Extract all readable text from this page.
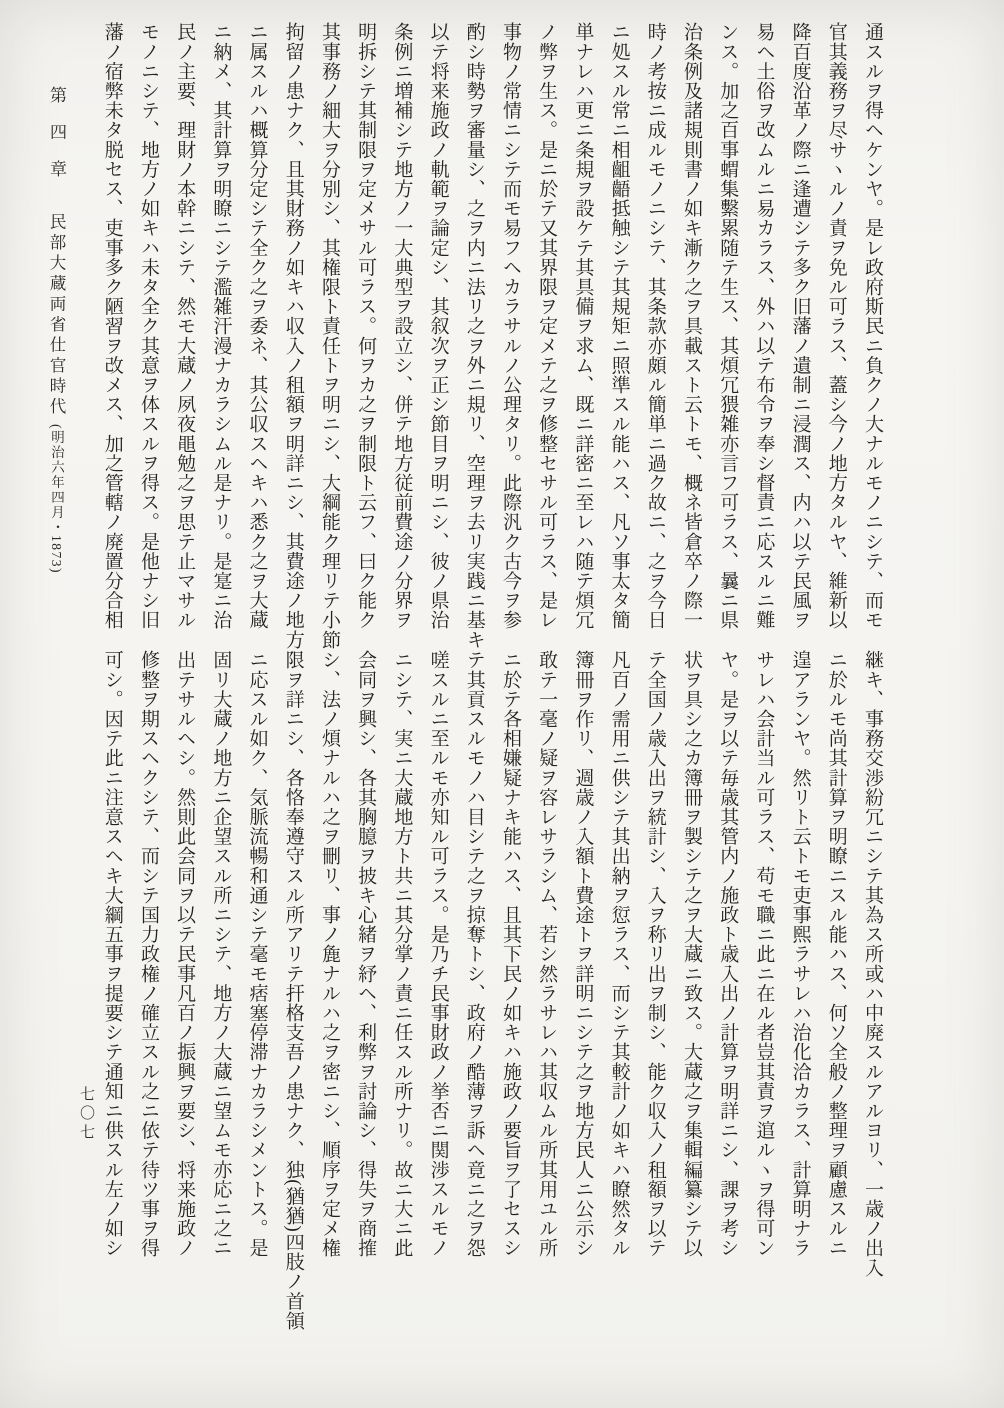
第四章 民部大蔵両省仕官時代 (明治六年四月・1873)	通スルヲ得ヘケンヤ。是レ政府斯民ニ負クノ大ナルモノニシテ、而モ
官其義務ヲ尽サヽルノ責ヲ免ル可ラス、蓋シ今ノ地方タルヤ、維新以
降百度沿革ノ際ニ逢遭シテ多ク旧藩ノ遺制ニ浸潤ス、内ハ以テ民風ヲ
易ヘ土俗ヲ改ムルニ易カラス、外ハ以テ布令ヲ奉シ督責ニ応スルニ難
ンス。加之百事蝟集繫累随テ生ス、其煩冗猥雑亦言フ可ラス、曩ニ県
治条例及諸規則書ノ如キ漸ク之ヲ具載スト云トモ、概ネ皆倉卒ノ際一
時ノ考按ニ成ルモノニシテ、其条款亦頗ル簡単ニ過ク故ニ、之ヲ今日
ニ処スル常ニ相齟齬抵触シテ其規矩ニ照準スル能ハス、凡ソ事太タ簡
単ナレハ更ニ条規ヲ設ケテ其具備ヲ求ム、既ニ詳密ニ至レハ随テ煩冗
ノ弊ヲ生ス。是ニ於テ又其界限ヲ定メテ之ヲ修整セサル可ラス、是レ
事物ノ常情ニシテ而モ易フヘカラサルノ公理タリ。此際汎ク古今ヲ参
酌シ時勢ヲ審量シ、之ヲ内ニ法リ之ヲ外ニ規リ、空理ヲ去リ実践ニ基キ
以テ将来施政ノ軌範ヲ論定シ、其叙次ヲ正シ節目ヲ明ニシ、彼ノ県治
条例ニ増補シテ地方ノ一大典型ヲ設立シ、併テ地方従前費途ノ分界ヲ
明拆シテ其制限ヲ定メサル可ラス。何ヲカ之ヲ制限ト云フ、曰ク能ク
其事務ノ細大ヲ分別シ、其権限ト責任トヲ明ニシ、大綱能ク理リテ小節
拘留ノ患ナク、且其財務ノ如キハ収入ノ租額ヲ明詳ニシ、其費途ノ地方
ニ属スルハ概算分定シテ全ク之ヲ委ネ、其公収スヘキハ悉ク之ヲ大蔵
ニ納メ、其計算ヲ明瞭ニシテ濫雑汗漫ナカラシムル是ナリ。是寔ニ治
民ノ主要、理財ノ本幹ニシテ、然モ大蔵ノ夙夜黽勉之ヲ思テ止マサル
モノニシテ、地方ノ如キハ未タ全ク其意ヲ体スルヲ得ス。是他ナシ旧
藩ノ宿弊未タ脱セス、吏事多ク陋習ヲ改メス、加之管轄ノ廃置分合相
継キ、事務交渉紛冗ニシテ其為ス所或ハ中廃スルアルヨリ、一歳ノ出入
ニ於ルモ尚其計算ヲ明瞭ニスル能ハス、何ソ全般ノ整理ヲ顧慮スルニ
遑アランヤ。然リト云トモ吏事煕ラサレハ治化洽カラス、計算明ナラ
サレハ会計当ル可ラス、苟モ職ニ此ニ在ル者豈其責ヲ逭ルヽヲ得可ン
ヤ。是ヲ以テ毎歳其管内ノ施政ト歳入出ノ計算ヲ明詳ニシ、課ヲ考シ
状ヲ具シ之カ簿冊ヲ製シテ之ヲ大蔵ニ致ス。大蔵之ヲ集輯編纂シテ以
テ全国ノ歳入出ヲ統計シ、入ヲ称リ出ヲ制シ、能ク収入ノ租額ヲ以テ
凡百ノ需用ニ供シテ其出納ヲ愆ラス、而シテ其較計ノ如キハ瞭然タル
簿冊ヲ作リ、週歳ノ入額ト費途トヲ詳明ニシテ之ヲ地方民人ニ公示シ
敢テ一毫ノ疑ヲ容レサラシム、若シ然ラサレハ其収ムル所其用ユル所
ニ於テ各相嫌疑ナキ能ハス、且其下民ノ如キハ施政ノ要旨ヲ了セスシ
テ其貢スルモノハ目シテ之ヲ掠奪トシ、政府ノ酷薄ヲ訴ヘ竟ニ之ヲ怨
嗟スルニ至ルモ亦知ル可ラス。是乃チ民事財政ノ挙否ニ関渉スルモノ
ニシテ、実ニ大蔵地方ト共ニ其分掌ノ責ニ任スル所ナリ。故ニ大ニ此
会同ヲ興シ、各其胸臆ヲ披キ心緒ヲ紓ヘ、利弊ヲ討論シ、得失ヲ商搉
シ、法ノ煩ナルハ之ヲ刪リ、事ノ麁ナルハ之ヲ密ニシ、順序ヲ定メ権
限ヲ詳ニシ、各恪奉遵守スル所アリテ扞格支吾ノ患ナク、独(猶猶)四肢ノ首領
ニ応スル如ク、気脈流暢和通シテ毫モ痞塞停滞ナカラシメントス。是
固リ大蔵ノ地方ニ企望スル所ニシテ、地方ノ大蔵ニ望ムモ亦応ニ之ニ
出テサルヘシ。然則此会同ヲ以テ民事凡百ノ振興ヲ要シ、将来施政ノ
修整ヲ期スヘクシテ、而シテ国力政権ノ確立スル之ニ依テ待ツ事ヲ得
可シ。因テ此ニ注意スヘキ大綱五事ヲ提要シテ通知ニ供スル左ノ如シ
七〇七
